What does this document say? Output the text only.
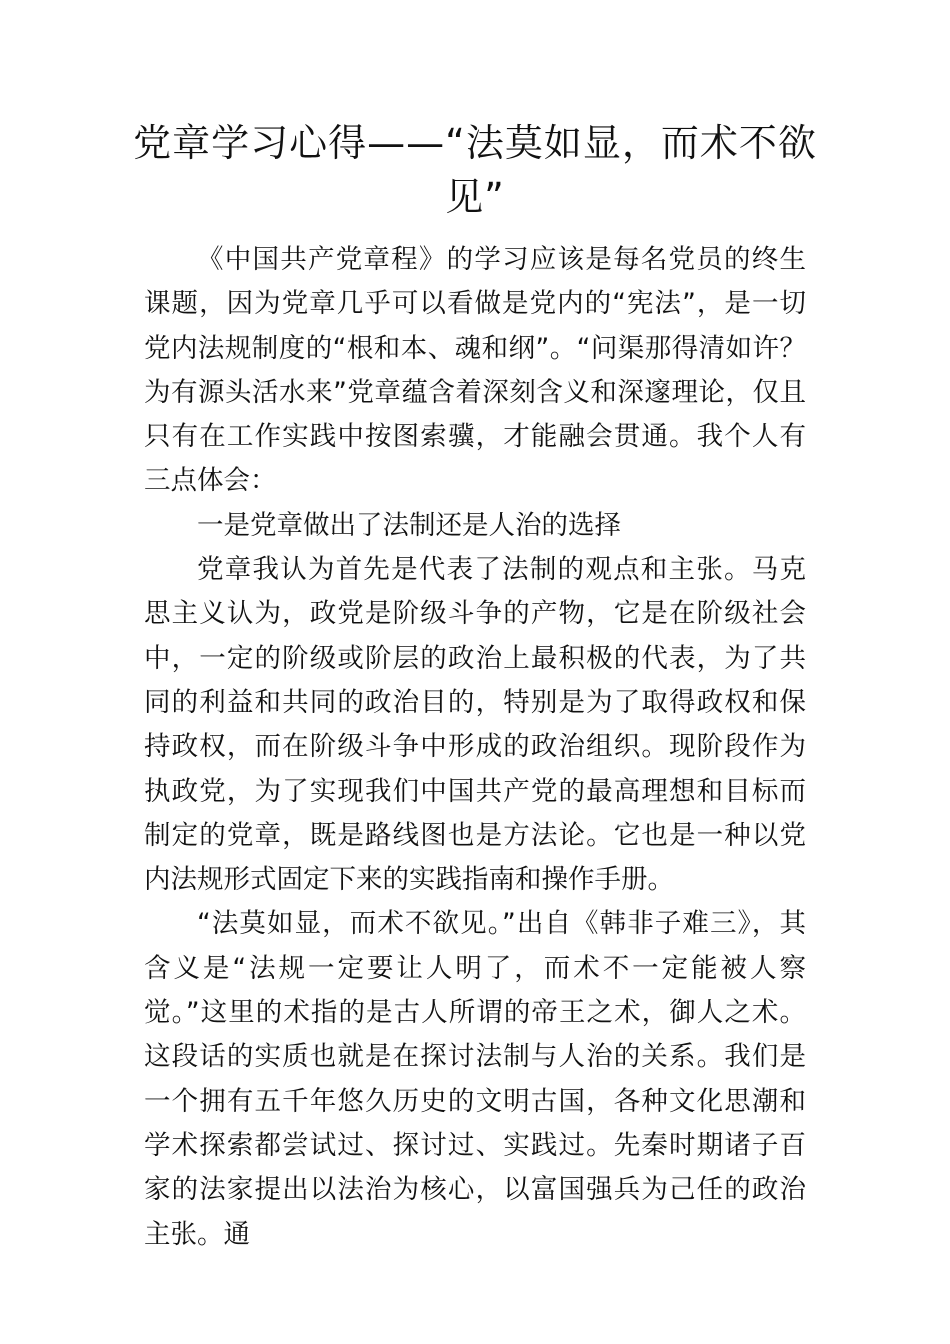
党章学习心得——“法莫如显，而术不欲见”

《中国共产党章程》的学习应该是每名党员的终生课题，因为党章几乎可以看做是党内的“宪法”，是一切党内法规制度的“根和本、魂和纲”。“问渠那得清如许？为有源头活水来”党章蕴含着深刻含义和深邃理论，仅且只有在工作实践中按图索骥，才能融会贯通。我个人有三点体会：

一是党章做出了法制还是人治的选择

党章我认为首先是代表了法制的观点和主张。马克思主义认为，政党是阶级斗争的产物，它是在阶级社会中，一定的阶级或阶层的政治上最积极的代表，为了共同的利益和共同的政治目的，特别是为了取得政权和保持政权，而在阶级斗争中形成的政治组织。现阶段作为执政党，为了实现我们中国共产党的最高理想和目标而制定的党章，既是路线图也是方法论。它也是一种以党内法规形式固定下来的实践指南和操作手册。

“法莫如显，而术不欲见。”出自《韩非子难三》，其含义是“法规一定要让人明了，而术不一定能被人察觉。”这里的术指的是古人所谓的帝王之术，御人之术。这段话的实质也就是在探讨法制与人治的关系。我们是一个拥有五千年悠久历史的文明古国，各种文化思潮和学术探索都尝试过、探讨过、实践过。先秦时期诸子百家的法家提出以法治为核心，以富国强兵为己任的政治主张。通
